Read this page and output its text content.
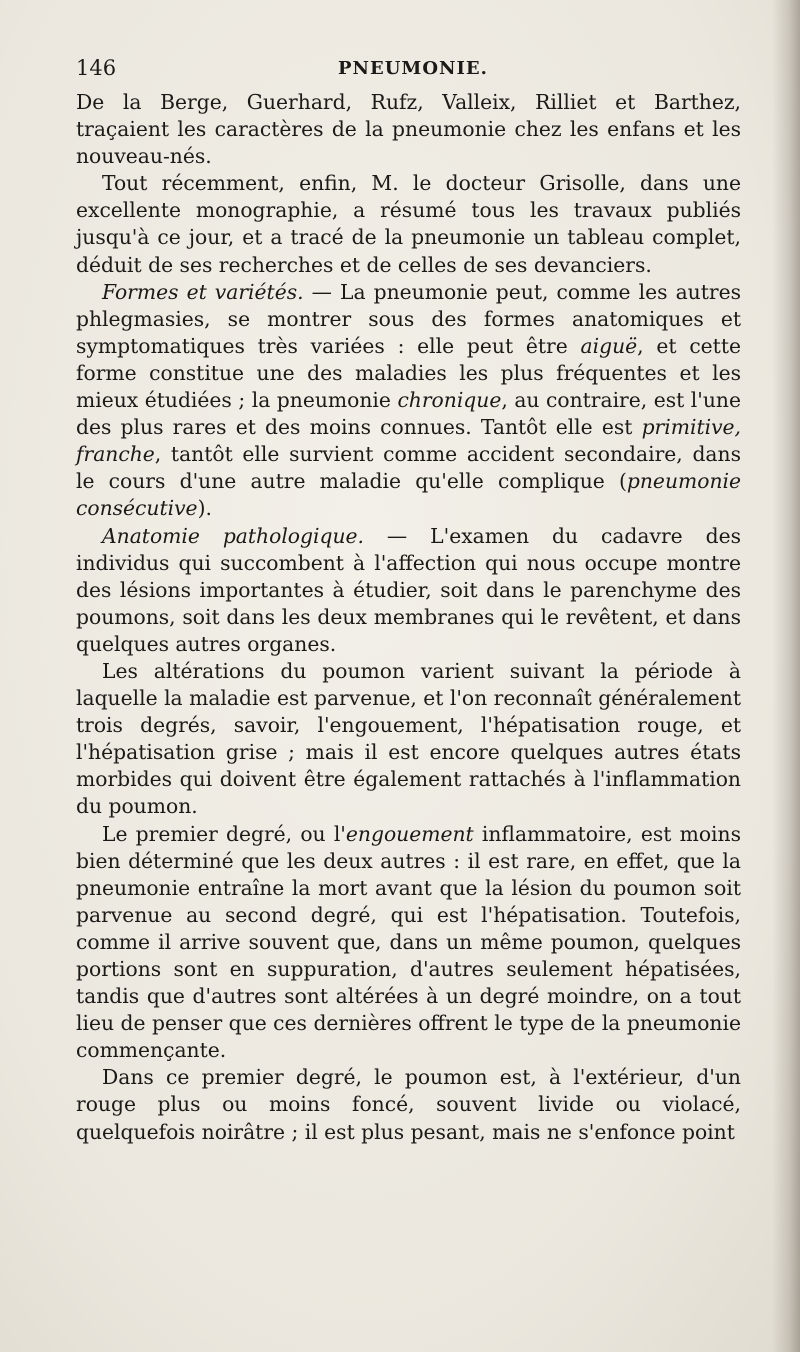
146	PNEUMONIE.

De la Berge, Guerhard, Rufz, Valleix, Rilliet et Barthez, traçaient les caractères de la pneumonie chez les enfans et les nouveau-nés.

Tout récemment, enfin, M. le docteur Grisolle, dans une excellente monographie, a résumé tous les travaux publiés jusqu'à ce jour, et a tracé de la pneumonie un tableau complet, déduit de ses recherches et de celles de ses devanciers.

Formes et variétés. — La pneumonie peut, comme les autres phlegmasies, se montrer sous des formes anatomiques et symptomatiques très variées : elle peut être aiguë, et cette forme constitue une des maladies les plus fréquentes et les mieux étudiées ; la pneumonie chronique, au contraire, est l'une des plus rares et des moins connues. Tantôt elle est primitive, franche, tantôt elle survient comme accident secondaire, dans le cours d'une autre maladie qu'elle complique (pneumonie consécutive).

Anatomie pathologique. — L'examen du cadavre des individus qui succombent à l'affection qui nous occupe montre des lésions importantes à étudier, soit dans le parenchyme des poumons, soit dans les deux membranes qui le revêtent, et dans quelques autres organes.

Les altérations du poumon varient suivant la période à laquelle la maladie est parvenue, et l'on reconnaît généralement trois degrés, savoir, l'engouement, l'hépatisation rouge, et l'hépatisation grise ; mais il est encore quelques autres états morbides qui doivent être également rattachés à l'inflammation du poumon.

Le premier degré, ou l'engouement inflammatoire, est moins bien déterminé que les deux autres : il est rare, en effet, que la pneumonie entraîne la mort avant que la lésion du poumon soit parvenue au second degré, qui est l'hépatisation. Toutefois, comme il arrive souvent que, dans un même poumon, quelques portions sont en suppuration, d'autres seulement hépatisées, tandis que d'autres sont altérées à un degré moindre, on a tout lieu de penser que ces dernières offrent le type de la pneumonie commençante.

Dans ce premier degré, le poumon est, à l'extérieur, d'un rouge plus ou moins foncé, souvent livide ou violacé, quelquefois noirâtre ; il est plus pesant, mais ne s'enfonce point
